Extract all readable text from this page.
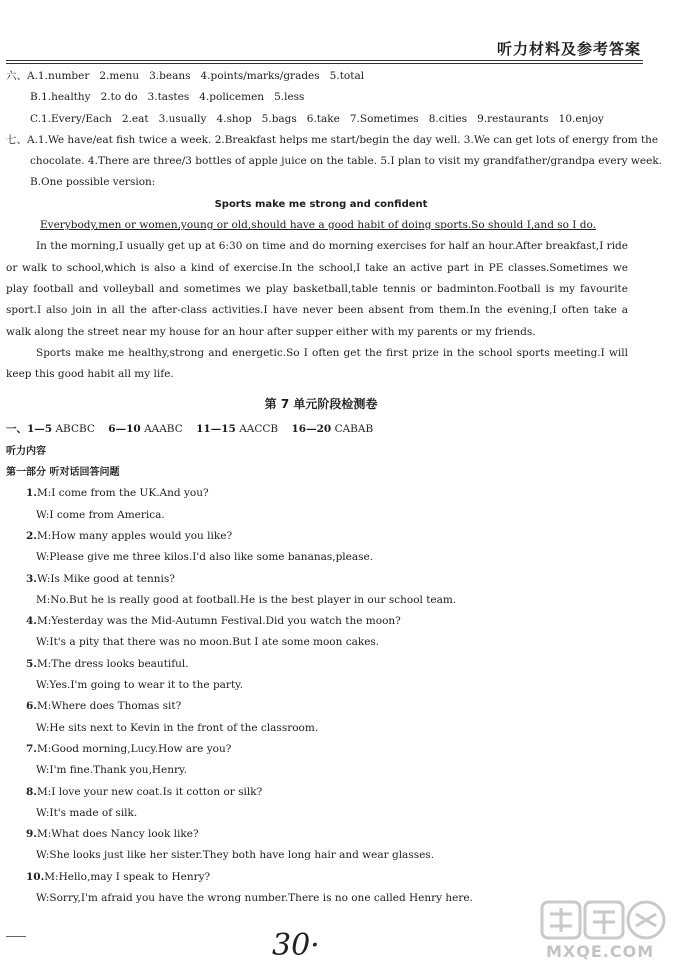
听力材料及参考答案
六、A.1.number 2.menu 3.beans 4.points/marks/grades 5.total
B.1.healthy 2.to do 3.tastes 4.policemen 5.less
C.1.Every/Each 2.eat 3.usually 4.shop 5.bags 6.take 7.Sometimes 8.cities 9.restaurants 10.enjoy
七、A.1.We have/eat fish twice a week. 2.Breakfast helps me start/begin the day well. 3.We can get lots of energy from the
chocolate. 4.There are three/3 bottles of apple juice on the table. 5.I plan to visit my grandfather/grandpa every week.
B.One possible version:
Sports make me strong and confident
Everybody,men or women,young or old,should have a good habit of doing sports.So should I,and so I do.

In the morning,I usually get up at 6:30 on time and do morning exercises for half an hour.After breakfast,I ride or walk to school,which is also a kind of exercise.In the school,I take an active part in PE classes.Sometimes we play football and volleyball and sometimes we play basketball,table tennis or badminton.Football is my favourite sport.I also join in all the after-class activities.I have never been absent from them.In the evening,I often take a walk along the street near my house for an hour after supper either with my parents or my friends.

Sports make me healthy,strong and energetic.So I often get the first prize in the school sports meeting.I will keep this good habit all my life.

第 7 单元阶段检测卷
一、1—5 ABCBC 6—10 AAABC 11—15 AACCB 16—20 CABAB
听力内容
第一部分 听对话回答问题
1.M:I come from the UK.And you?
W:I come from America.
2.M:How many apples would you like?
W:Please give me three kilos.I'd also like some bananas,please.
3.W:Is Mike good at tennis?
M:No.But he is really good at football.He is the best player in our school team.
4.M:Yesterday was the Mid-Autumn Festival.Did you watch the moon?
W:It's a pity that there was no moon.But I ate some moon cakes.
5.M:The dress looks beautiful.
W:Yes.I'm going to wear it to the party.
6.M:Where does Thomas sit?
W:He sits next to Kevin in the front of the classroom.
7.M:Good morning,Lucy.How are you?
W:I'm fine.Thank you,Henry.
8.M:I love your new coat.Is it cotton or silk?
W:It's made of silk.
9.M:What does Nancy look like?
W:She looks just like her sister.They both have long hair and wear glasses.
10.M:Hello,may I speak to Henry?
W:Sorry,I'm afraid you have the wrong number.There is no one called Henry here.
30·	MXQE.COM
